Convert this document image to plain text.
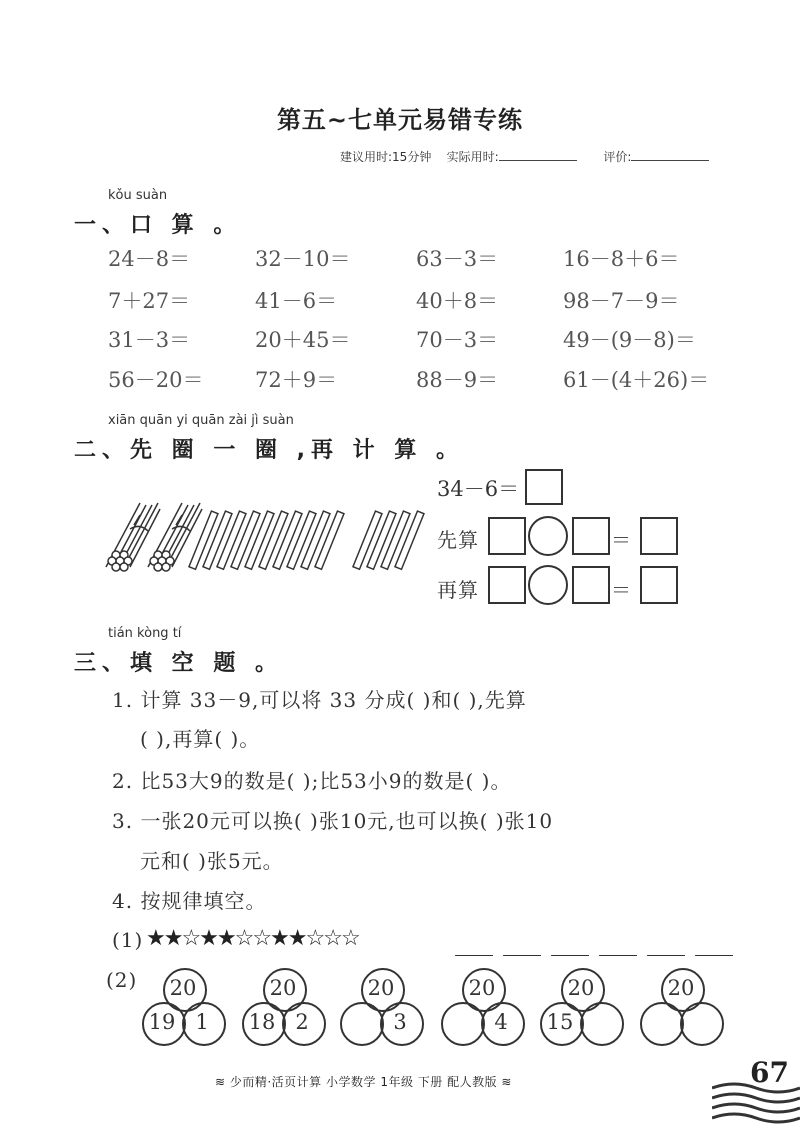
第五~七单元易错专练
建议用时:15分钟 实际用时:	评价:
kǒu suàn
一、口 算 。
24－8＝	32－10＝	63－3＝	16－8＋6＝
7＋27＝	41－6＝	40＋8＝	98－7－9＝
31－3＝	20＋45＝	70－3＝	49－(9－8)＝
56－20＝ 72＋9＝	88－9＝	61－(4＋26)＝
xiān quān yi quān zài jì suàn
二、先 圈 一 圈 ,再 计 算 。
34－6＝
先算	＝
再算	＝
tián kòng tí
三、填 空 题 。
1. 计算 33－9,可以将 33 分成( )和( ),先算
( ),再算( )。
2. 比53大9的数是( );比53小9的数是( )。
3. 一张20元可以换( )张10元,也可以换( )张10
元和( )张5元。
4. 按规律填空。
(1) ★★☆★★☆☆★★☆☆☆
(2)	20
19 1
20
18 2
20
3
20
4
20
15
20
≋ 少而精·活页计算 小学数学 1年级 下册 配人教版 ≋	67
